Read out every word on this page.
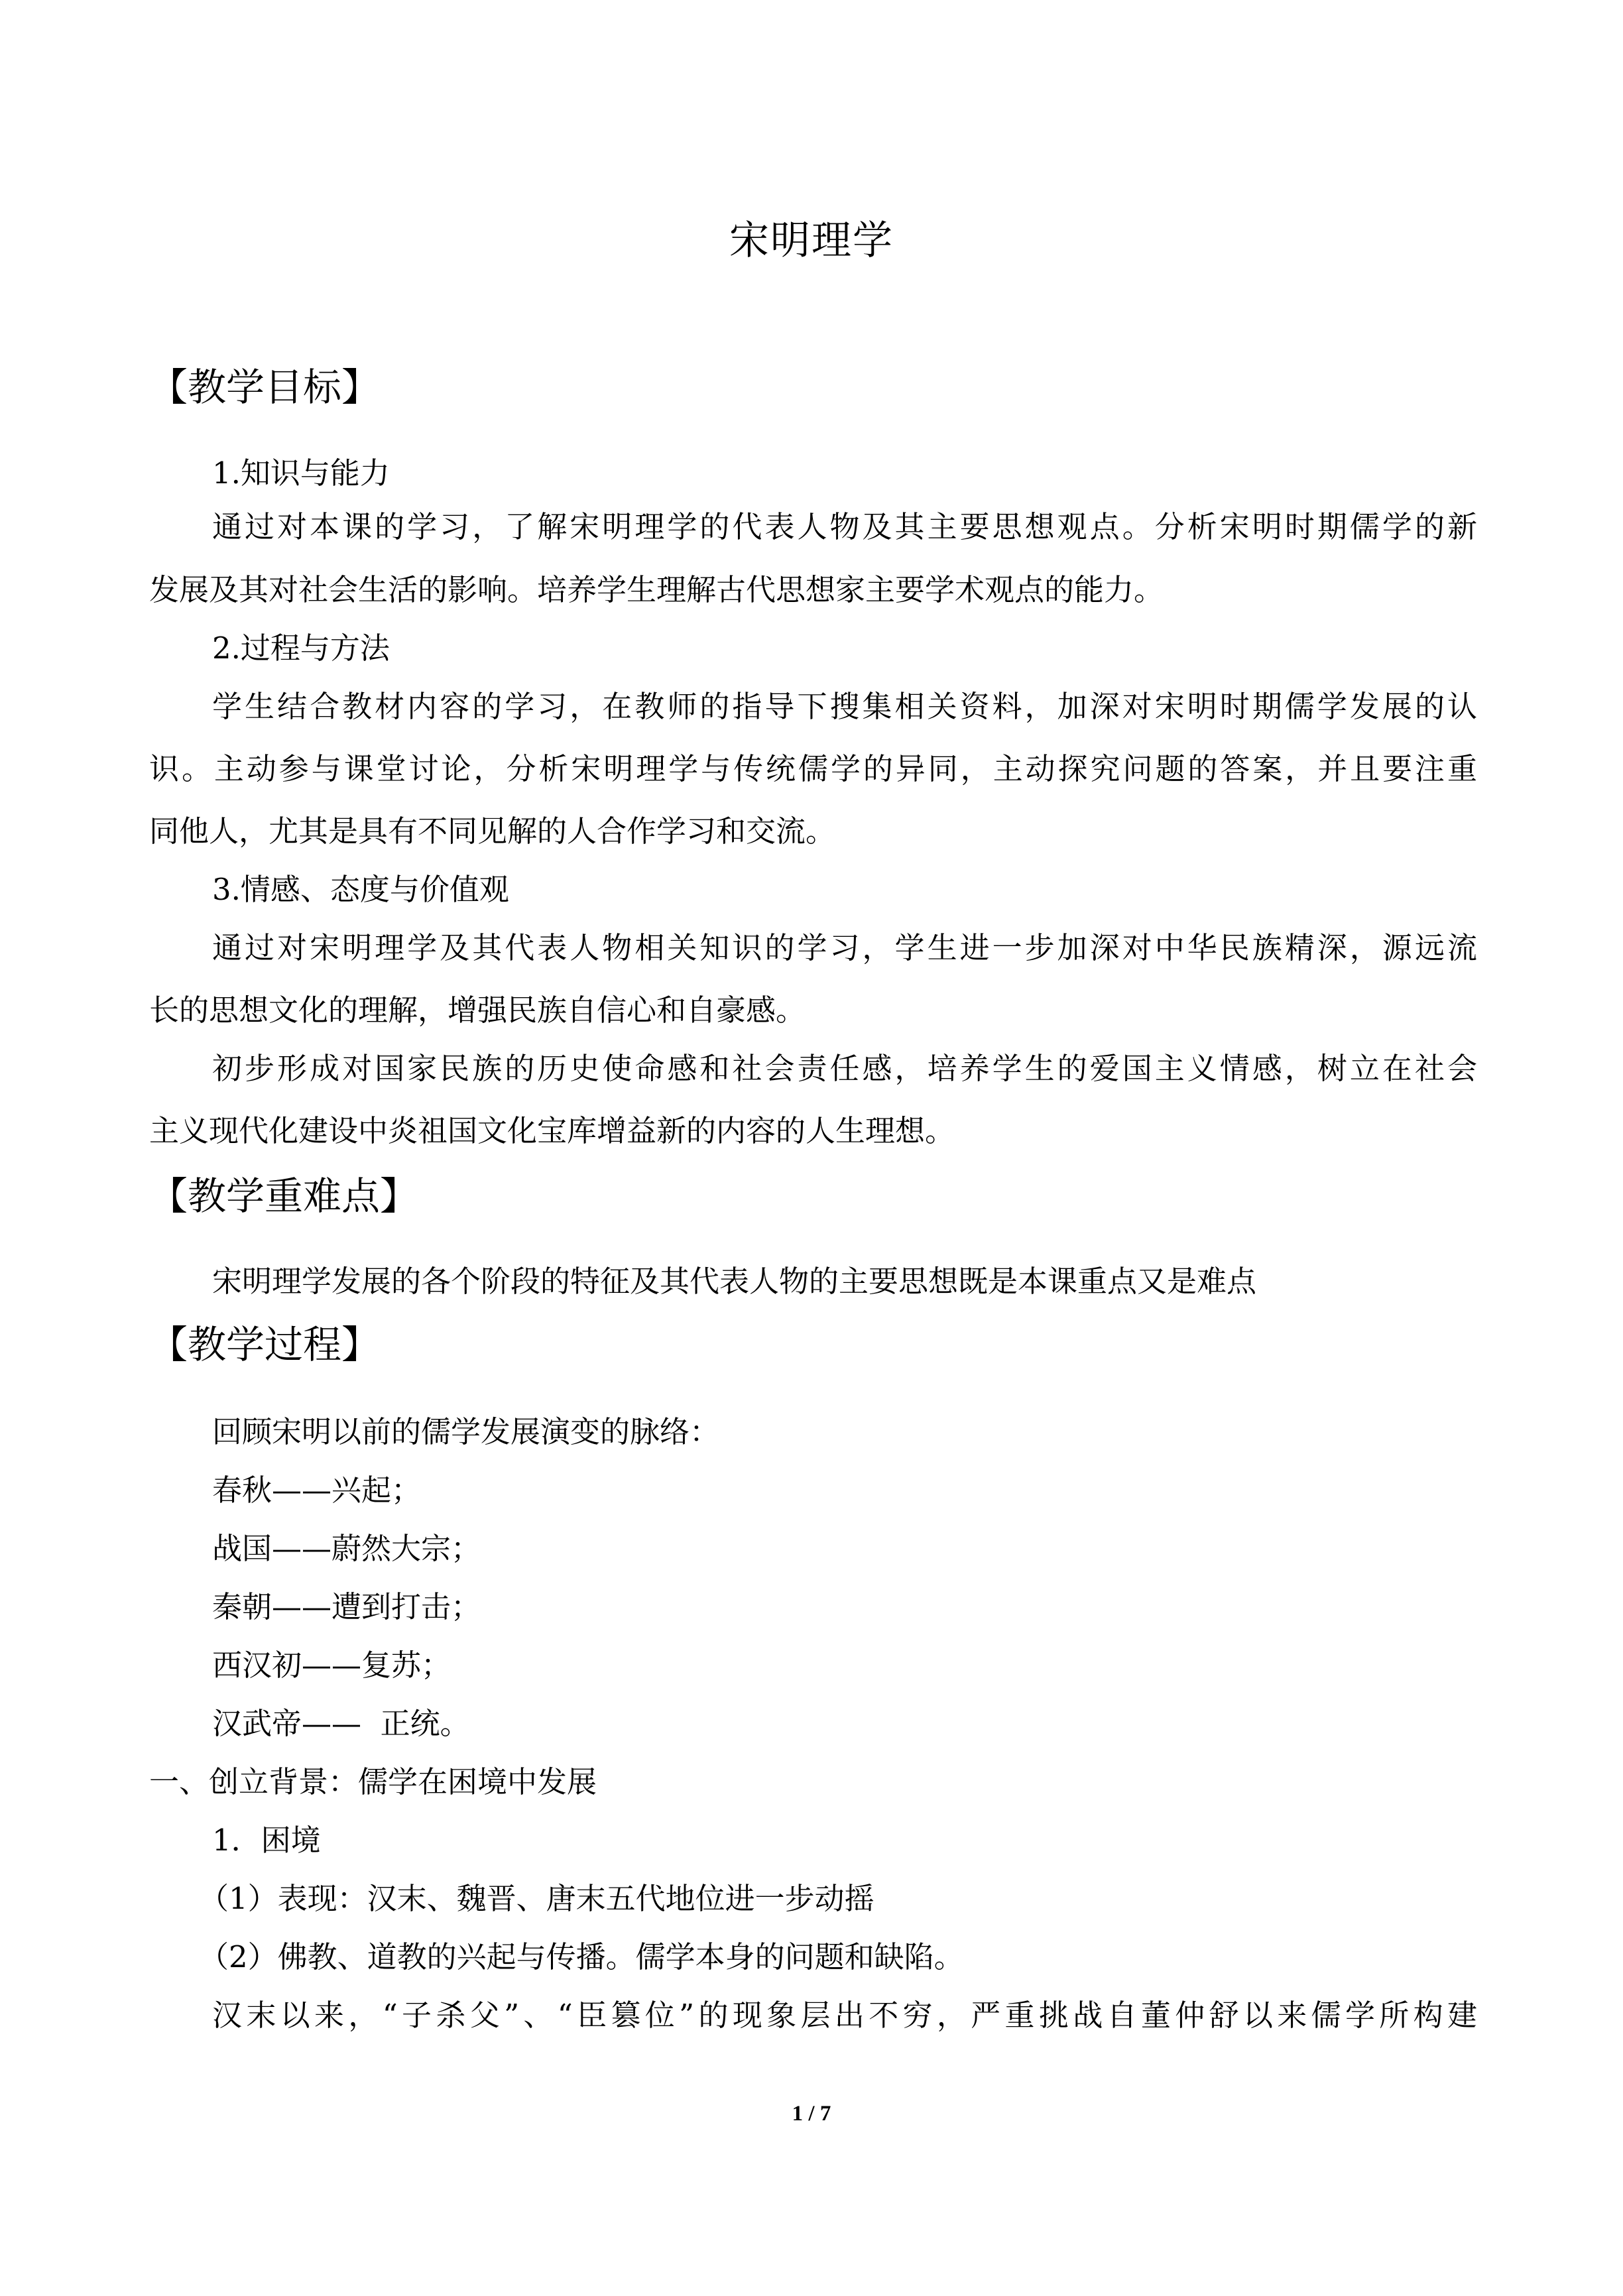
宋明理学
【教学目标】
1.知识与能力
通过对本课的学习，了解宋明理学的代表人物及其主要思想观点。分析宋明时期儒学的新
发展及其对社会生活的影响。培养学生理解古代思想家主要学术观点的能力。
2.过程与方法
学生结合教材内容的学习，在教师的指导下搜集相关资料，加深对宋明时期儒学发展的认
识。主动参与课堂讨论，分析宋明理学与传统儒学的异同，主动探究问题的答案，并且要注重
同他人，尤其是具有不同见解的人合作学习和交流。
3.情感、态度与价值观
通过对宋明理学及其代表人物相关知识的学习，学生进一步加深对中华民族精深，源远流
长的思想文化的理解，增强民族自信心和自豪感。
初步形成对国家民族的历史使命感和社会责任感，培养学生的爱国主义情感，树立在社会
主义现代化建设中炎祖国文化宝库增益新的内容的人生理想。
【教学重难点】
宋明理学发展的各个阶段的特征及其代表人物的主要思想既是本课重点又是难点
【教学过程】
回顾宋明以前的儒学发展演变的脉络：
春秋——兴起；
战国——蔚然大宗；
秦朝——遭到打击；
西汉初——复苏；
汉武帝——  正统。
一、创立背景：儒学在困境中发展
1．困境
（1）表现：汉末、魏晋、唐末五代地位进一步动摇
（2）佛教、道教的兴起与传播。儒学本身的问题和缺陷。
汉末以来，“子杀父”、“臣篡位”的现象层出不穷，严重挑战自董仲舒以来儒学所构建
1 / 7
